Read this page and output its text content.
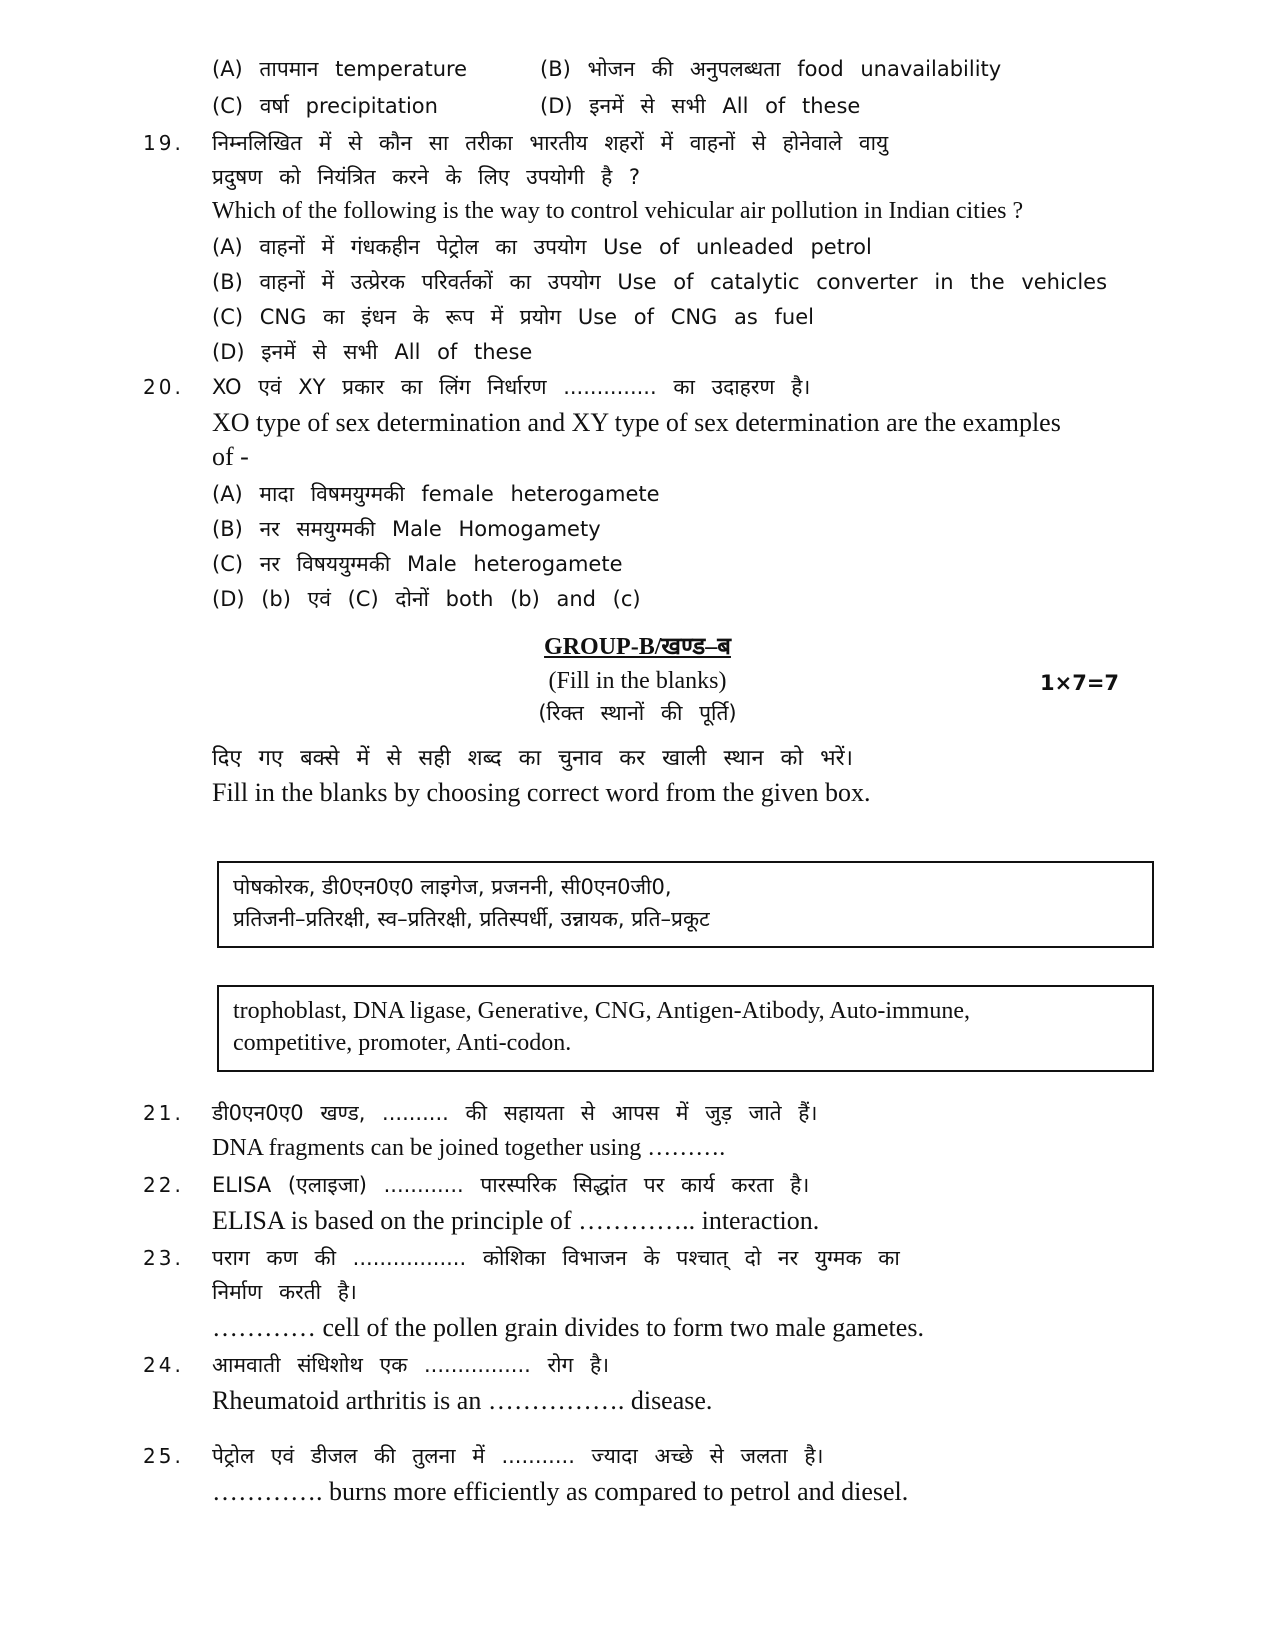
(A) तापमान temperature	(B) भोजन की अनुपलब्धता food unavailability
(C) वर्षा precipitation	(D) इनमें से सभी All of these
19. निम्नलिखित में से कौन सा तरीका भारतीय शहरों में वाहनों से होनेवाले वायु
प्रदुषण को नियंत्रित करने के लिए उपयोगी है ?
Which of the following is the way to control vehicular air pollution in Indian cities ?
(A) वाहनों में गंधकहीन पेट्रोल का उपयोग Use of unleaded petrol
(B) वाहनों में उत्प्रेरक परिवर्तकों का उपयोग Use of catalytic converter in the vehicles
(C) CNG का इंधन के रूप में प्रयोग Use of CNG as fuel
(D) इनमें से सभी All of these
20. XO एवं XY प्रकार का लिंग निर्धारण .............. का उदाहरण है।
XO type of sex determination and XY type of sex determination are the examples
of -
(A) मादा विषमयुग्मकी female heterogamete
(B) नर समयुग्मकी Male Homogamety
(C) नर विषययुग्मकी Male heterogamete
(D) (b) एवं (C) दोनों both (b) and (c)
GROUP-B/खण्ड–ब
(Fill in the blanks)	1×7=7
(रिक्त स्थानों की पूर्ति)
दिए गए बक्से में से सही शब्द का चुनाव कर खाली स्थान को भरें।
Fill in the blanks by choosing correct word from the given box.
पोषकोरक, डी0एन0ए0 लाइगेज, प्रजननी, सी0एन0जी0,
प्रतिजनी–प्रतिरक्षी, स्व–प्रतिरक्षी, प्रतिस्पर्धी, उन्नायक, प्रति–प्रकूट
trophoblast, DNA ligase, Generative, CNG, Antigen-Atibody, Auto-immune,
competitive, promoter, Anti-codon.
21. डी0एन0ए0 खण्ड, .......... की सहायता से आपस में जुड़ जाते हैं।
DNA fragments can be joined together using ……….
22. ELISA (एलाइजा) ............ पारस्परिक सिद्धांत पर कार्य करता है।
ELISA is based on the principle of ………….. interaction.
23. पराग कण की ................. कोशिका विभाजन के पश्चात् दो नर युग्मक का
निर्माण करती है।
………… cell of the pollen grain divides to form two male gametes.
24. आमवाती संधिशोथ एक ................ रोग है।
Rheumatoid arthritis is an ……………. disease.
25. पेट्रोल एवं डीजल की तुलना में ........... ज्यादा अच्छे से जलता है।
…………. burns more efficiently as compared to petrol and diesel.
